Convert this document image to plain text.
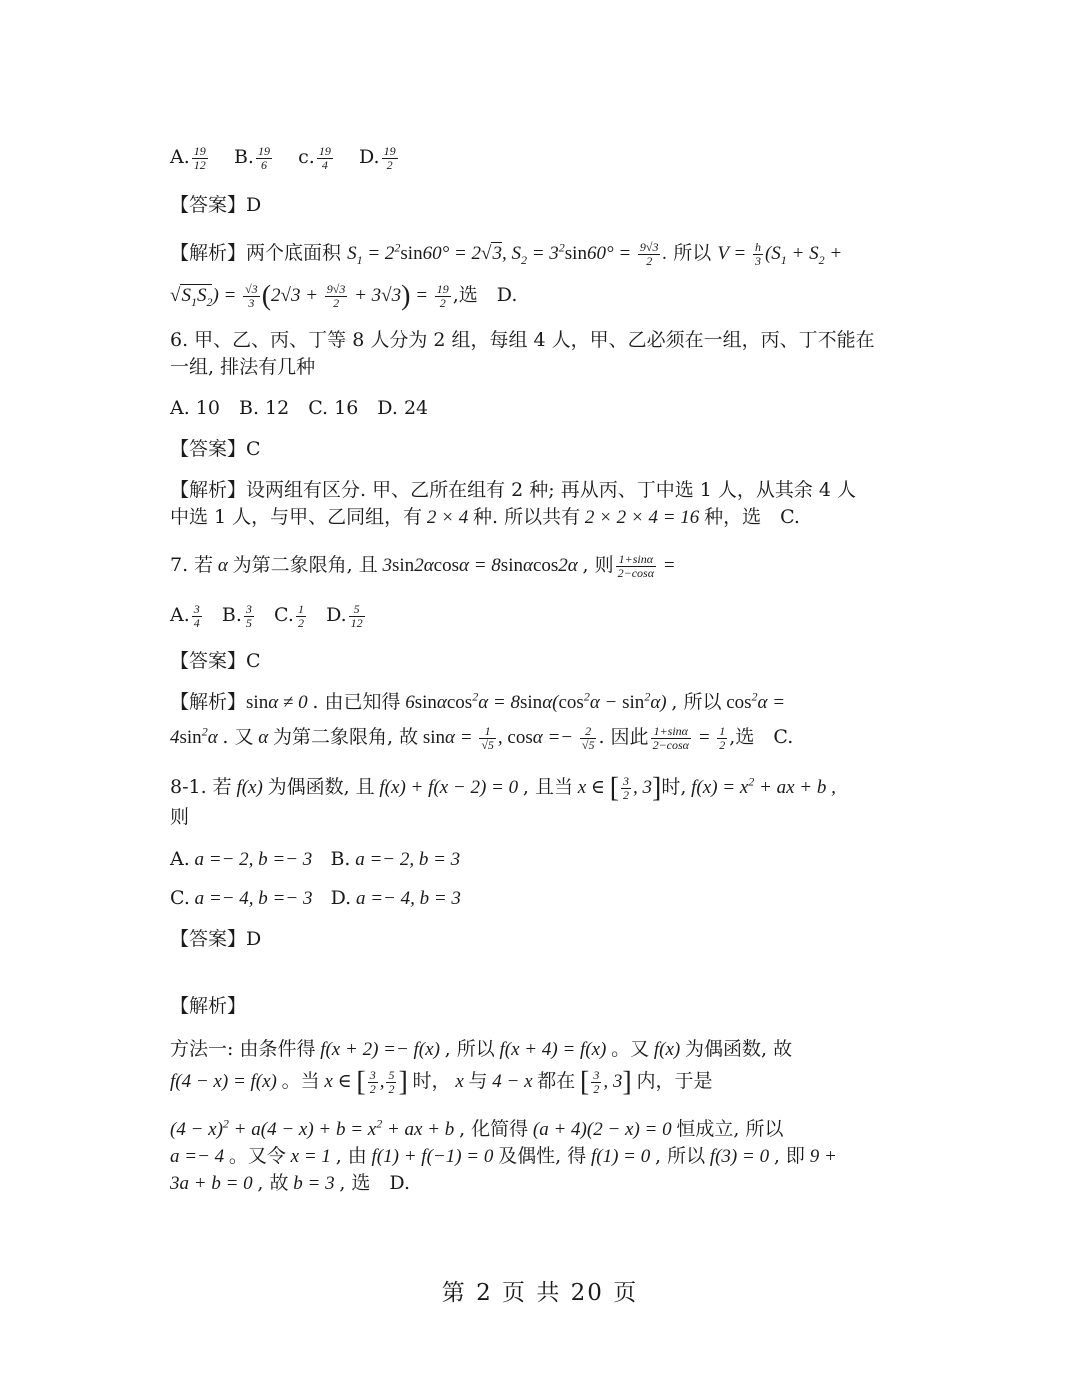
A. $\frac{19}{12} B$. $\frac{19}{6} c$. $\frac{19}{4} D$. $\frac{19}{2}$
【答案】D
【解析】两个底面积 $S_1 = 2^2\sin 60^\circ = 2√3$, $S_2 = 3^2\sin 60^\circ = \frac{9√3}{2}$ . 所以 $V = \frac{h}{3} (S_1 + S_2$ +
$√S_1S_2) = \frac{√3}{3} (2√3 + \frac{9√3}{2} + 3√3) = \frac{19}{2}$ ,选　D.
6. 甲、乙、丙、丁等 8 人分为 2 组，每组 4 人，甲、乙必须在一组，丙、丁不能在
一组, 排法有几种
A. 10　B. 12　C. 16　D. 24
【答案】C
【解析】设两组有区分. 甲、乙所在组有 2 种; 再从丙、丁中选 1 人，从其余 4 人
中选 1 人，与甲、乙同组，有 2 × 4 种. 所以共有 2 × 2 × 4 = 16 种，选　C.
7. 若 α 为第二象限角, 且 3sin2αcosα = 8sinαcos2α , 则 $\frac{1+\sin\alpha}{2-\cos\alpha}$ =
A. $\frac{3}{4} B$. $\frac{3}{5} C$. $\frac{1}{2} D$. $\frac{5}{12}$
【答案】C
【解析】sinα ≠ 0 . 由已知得 $6\sin\alpha\cos^2\alpha = 8\sin\alpha(\cos^2\alpha - \sin^2\alpha)$ , 所以 $\cos^2\alpha$ =
$4\sin^2\alpha$ . 又 α 为第二象限角, 故 $\sin\alpha = \frac{1}{√5}$ , $\cos\alpha =- \frac{2}{√5}$ . 因此 $\frac{1+\sin\alpha}{2-\cos\alpha} = \frac{1}{2}$ ,选　C.
8-1. 若 f(x) 为偶函数, 且 f(x) + f(x − 2) = 0 , 且当 x ∈ [ $\frac{3}{2}$ , 3]时, $f(x) = x^2$ + ax + b ,
则
A. a =− 2, b =− 3 B. a =− 2, b = 3
C. a =− 4, b =− 3 D. a =− 4, b = 3
【答案】D
【解析】
方法一: 由条件得 f(x + 2) =− f(x) , 所以 f(x + 4) = f(x) 。又 f(x) 为偶函数, 故
f(4 − x) = f(x) 。当 x ∈ [ $\frac{3}{2}$ , $\frac{5}{2}$ ] 时， x 与 4 − x 都在 [ $\frac{3}{2}$ , 3] 内，于是
$(4 - x)^2 + a(4 - x) + b = x^2$ + ax + b , 化简得 (a + 4)(2 − x) = 0 恒成立, 所以
a =− 4 。又令 x = 1 , 由 f(1) + f(−1) = 0 及偶性, 得 f(1) = 0 , 所以 f(3) = 0 , 即 9 +
3a + b = 0 , 故 b = 3 , 选　D.
第 2 页 共 20 页
